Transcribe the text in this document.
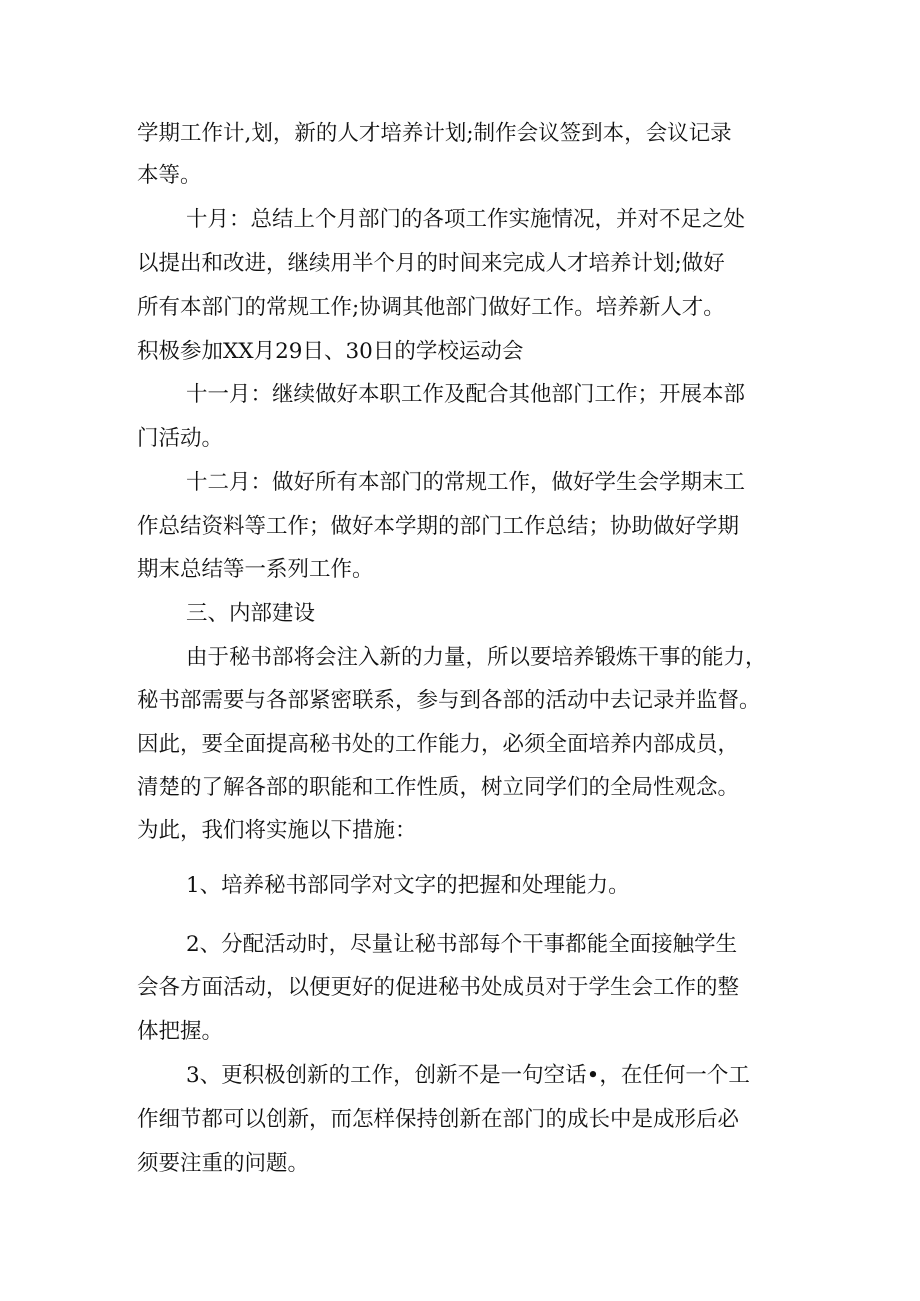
学期工作计,划，新的人才培养计划;制作会议签到本，会议记录
本等。
十月：总结上个月部门的各项工作实施情况，并对不足之处
以提出和改进，继续用半个月的时间来完成人才培养计划;做好
所有本部门的常规工作;协调其他部门做好工作。培养新人才。
积极参加XX月29日、30日的学校运动会
十一月：继续做好本职工作及配合其他部门工作；开展本部
门活动。
十二月：做好所有本部门的常规工作，做好学生会学期末工
作总结资料等工作；做好本学期的部门工作总结；协助做好学期
期末总结等一系列工作。
三、内部建设
由于秘书部将会注入新的力量，所以要培养锻炼干事的能力，
秘书部需要与各部紧密联系，参与到各部的活动中去记录并监督。
因此，要全面提高秘书处的工作能力，必须全面培养内部成员，
清楚的了解各部的职能和工作性质，树立同学们的全局性观念。
为此，我们将实施以下措施：
1、培养秘书部同学对文字的把握和处理能力。
2、分配活动时，尽量让秘书部每个干事都能全面接触学生
会各方面活动，以便更好的促进秘书处成员对于学生会工作的整
体把握。
3、更积极创新的工作，创新不是一句空话•，在任何一个工
作细节都可以创新，而怎样保持创新在部门的成长中是成形后必
须要注重的问题。
